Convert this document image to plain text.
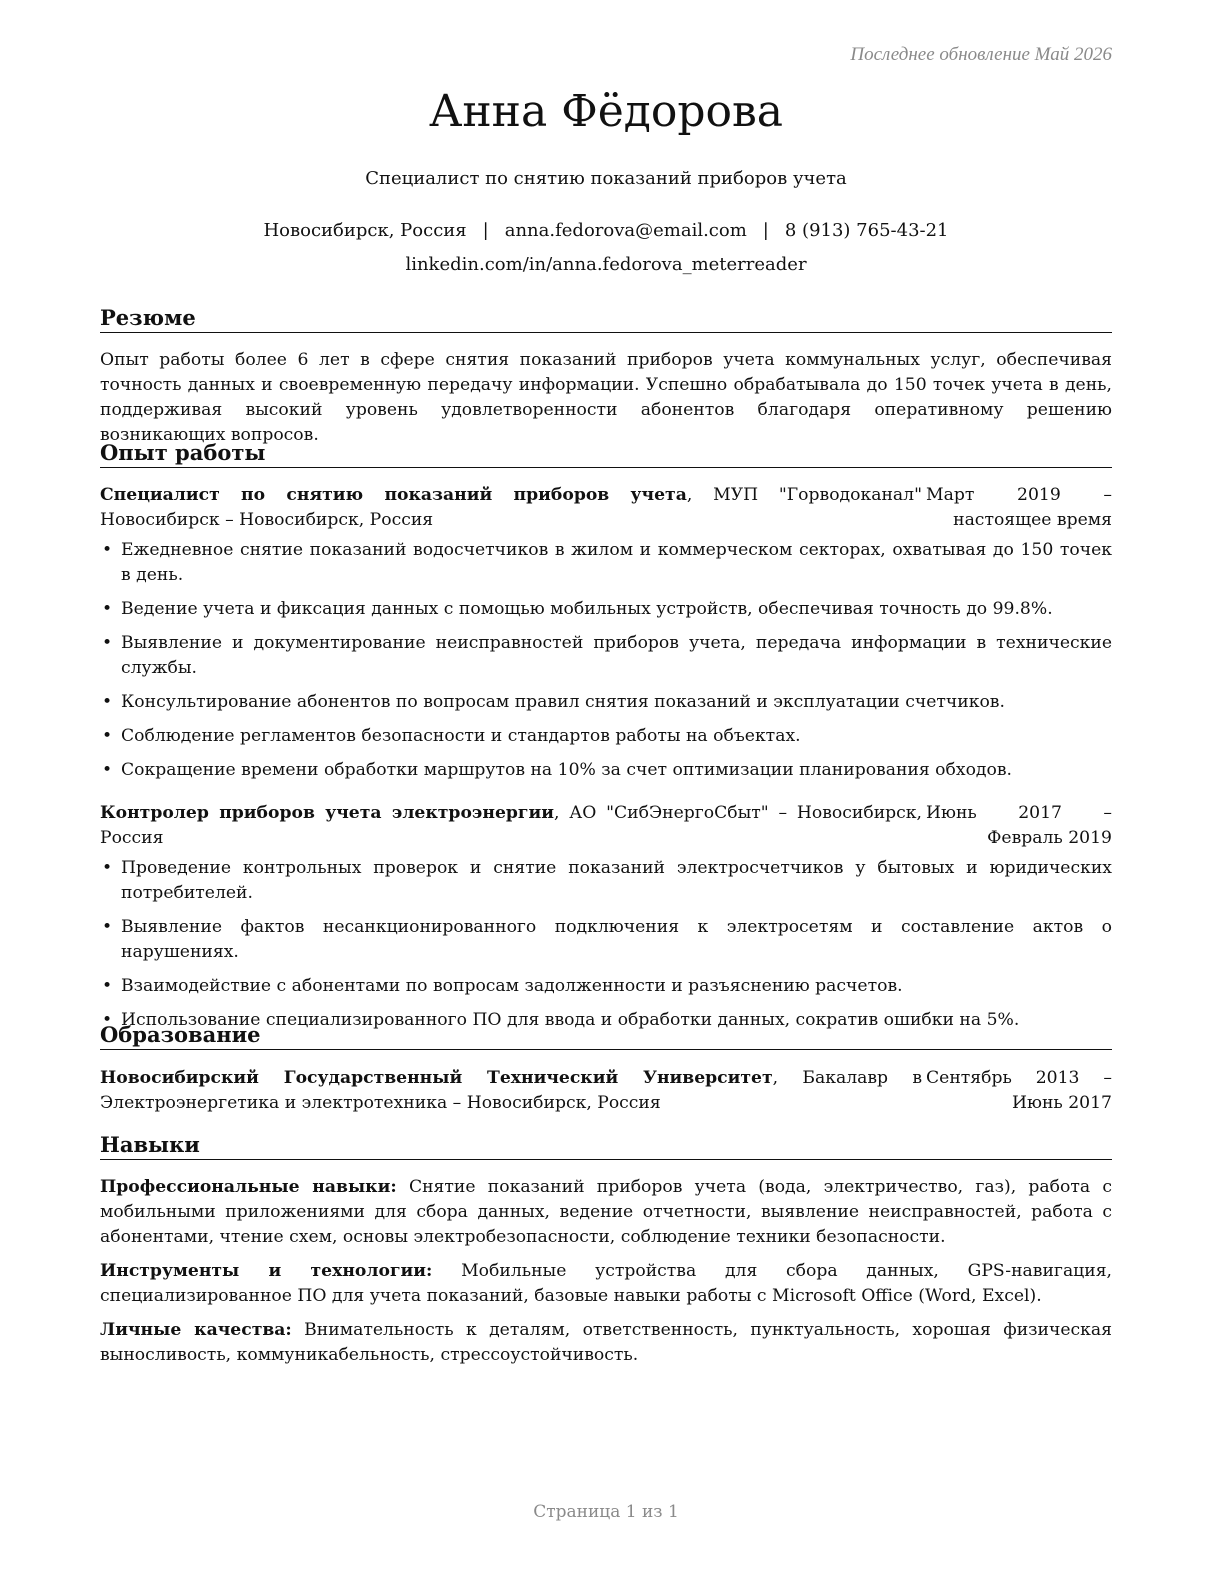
Последнее обновление Май 2026
Анна Фёдорова
Специалист по снятию показаний приборов учета
Новосибирск, Россия | anna.fedorova@email.com | 8 (913) 765-43-21
linkedin.com/in/anna.fedorova_meterreader
Резюме
Опыт работы более 6 лет в сфере снятия показаний приборов учета коммунальных услуг, обеспечивая точность данных и своевременную передачу информации. Успешно обрабатывала до 150 точек учета в день, поддерживая высокий уровень удовлетворенности абонентов благодаря оперативному решению возникающих вопросов.
Опыт работы
Специалист по снятию показаний приборов учета, МУП "Горводоканал" Новосибирск – Новосибирск, Россия
Март 2019 – настоящее время
• Ежедневное снятие показаний водосчетчиков в жилом и коммерческом секторах, охватывая до 150 точек в день.
• Ведение учета и фиксация данных с помощью мобильных устройств, обеспечивая точность до 99.8%.
• Выявление и документирование неисправностей приборов учета, передача информации в технические службы.
• Консультирование абонентов по вопросам правил снятия показаний и эксплуатации счетчиков.
• Соблюдение регламентов безопасности и стандартов работы на объектах.
• Сокращение времени обработки маршрутов на 10% за счет оптимизации планирования обходов.
Контролер приборов учета электроэнергии, АО "СибЭнергоСбыт" – Новосибирск, Россия
Июнь 2017 – Февраль 2019
• Проведение контрольных проверок и снятие показаний электросчетчиков у бытовых и юридических потребителей.
• Выявление фактов несанкционированного подключения к электросетям и составление актов о нарушениях.
• Взаимодействие с абонентами по вопросам задолженности и разъяснению расчетов.
• Использование специализированного ПО для ввода и обработки данных, сократив ошибки на 5%.
Образование
Новосибирский Государственный Технический Университет, Бакалавр в Электроэнергетика и электротехника – Новосибирск, Россия
Сентябрь 2013 – Июнь 2017
Навыки
Профессиональные навыки: Снятие показаний приборов учета (вода, электричество, газ), работа с мобильными приложениями для сбора данных, ведение отчетности, выявление неисправностей, работа с абонентами, чтение схем, основы электробезопасности, соблюдение техники безопасности.
Инструменты и технологии: Мобильные устройства для сбора данных, GPS-навигация, специализированное ПО для учета показаний, базовые навыки работы с Microsoft Office (Word, Excel).
Личные качества: Внимательность к деталям, ответственность, пунктуальность, хорошая физическая выносливость, коммуникабельность, стрессоустойчивость.
Страница 1 из 1
